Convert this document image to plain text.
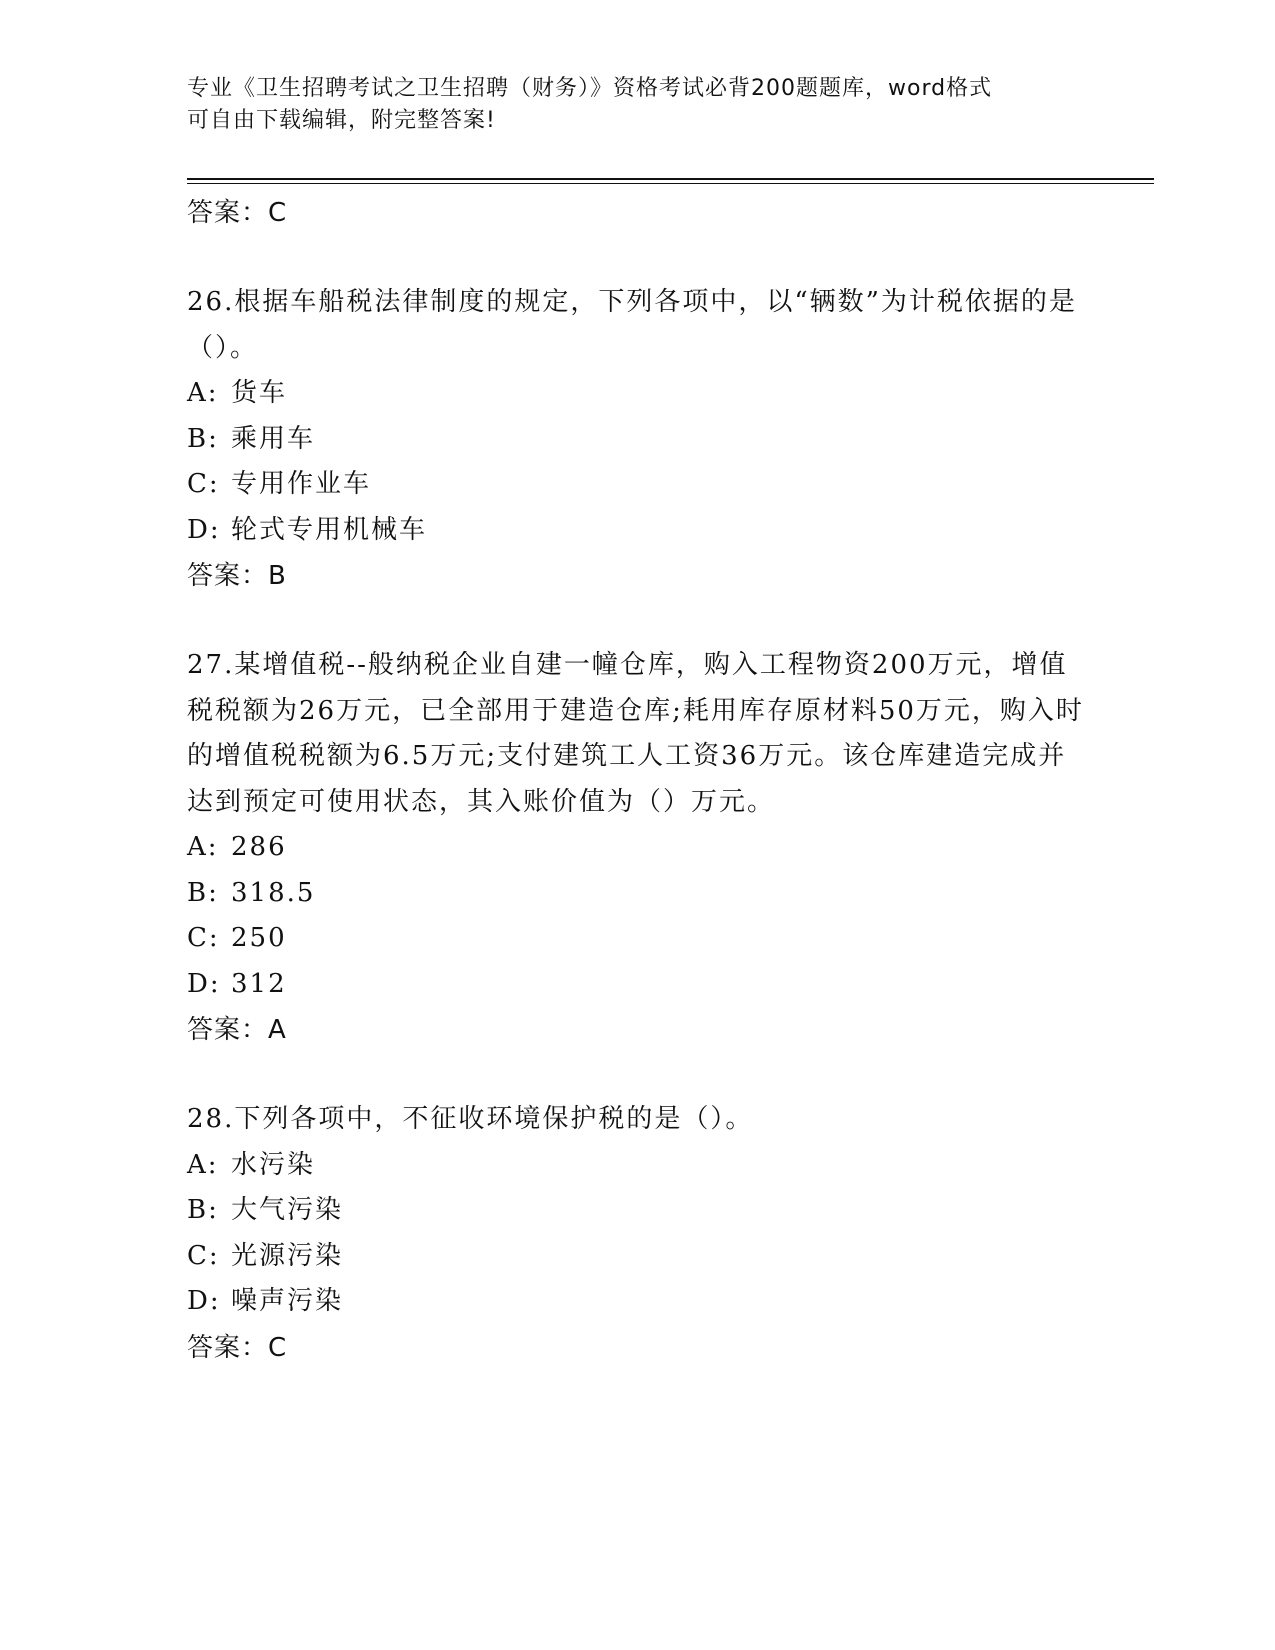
专业《卫生招聘考试之卫生招聘（财务）》资格考试必背200题题库，word格式
可自由下载编辑，附完整答案!
答案：C
26.根据车船税法律制度的规定，下列各项中，以“辆数”为计税依据的是（）。
A: 货车
B: 乘用车
C: 专用作业车
D: 轮式专用机械车
答案：B
27.某增值税--般纳税企业自建一幢仓库，购入工程物资200万元，增值税税额为26万元，已全部用于建造仓库;耗用库存原材料50万元，购入时的增值税税额为6.5万元;支付建筑工人工资36万元。该仓库建造完成并达到预定可使用状态，其入账价值为（）万元。
A: 286
B: 318.5
C: 250
D: 312
答案：A
28.下列各项中，不征收环境保护税的是（）。
A: 水污染
B: 大气污染
C: 光源污染
D: 噪声污染
答案：C
